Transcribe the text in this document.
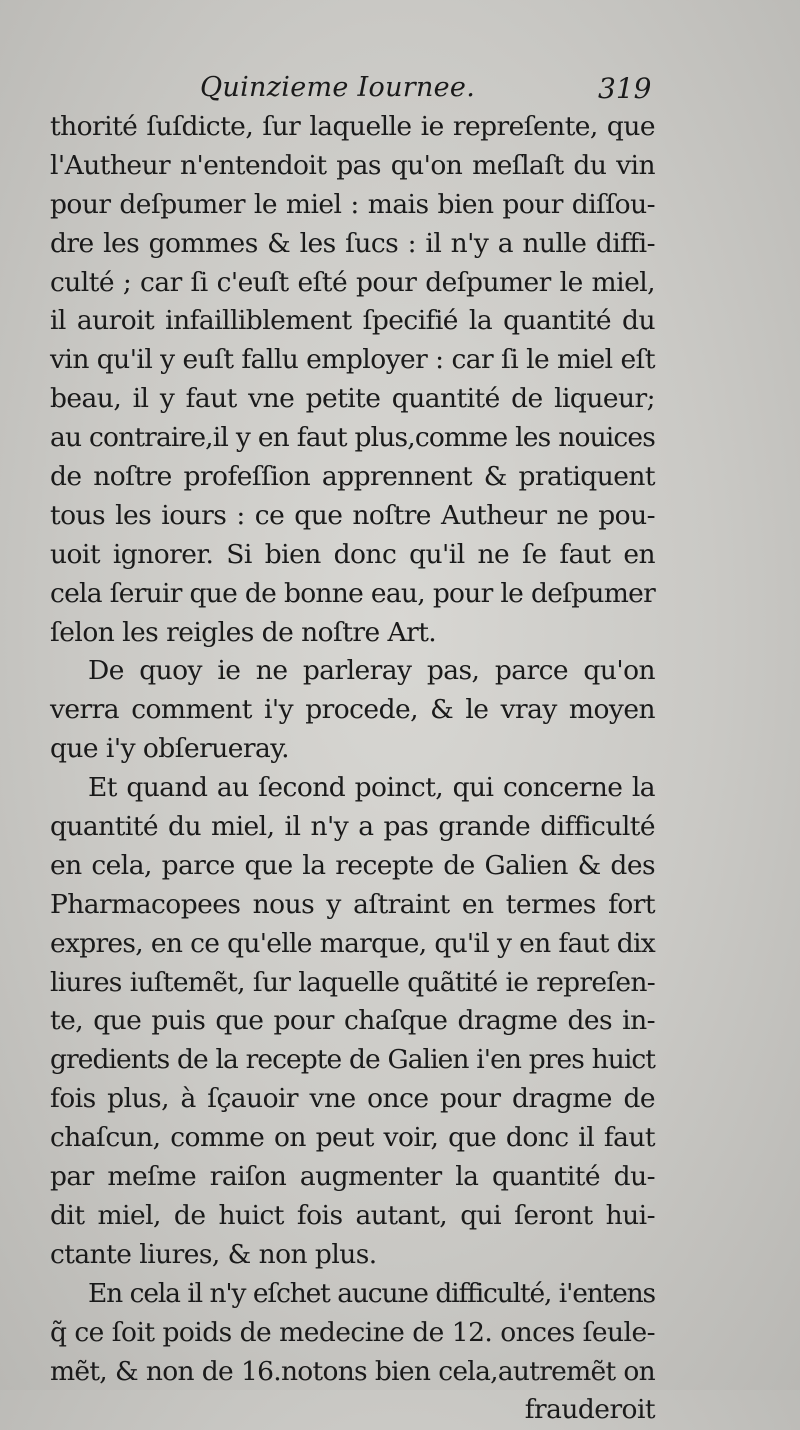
Quinzieme Iournee.	319
thorité ſuſdicte, ſur laquelle ie repreſente, que
l'Autheur n'entendoit pas qu'on meſlaſt du vin
pour deſpumer le miel : mais bien pour diſſou-
dre les gommes & les ſucs : il n'y a nulle diffi-
culté ; car ſi c'euſt eſté pour deſpumer le miel,
il auroit infailliblement ſpecifié la quantité du
vin qu'il y euſt fallu employer : car ſi le miel eſt
beau, il y faut vne petite quantité de liqueur;
au contraire,il y en faut plus,comme les nouices
de noſtre profeſſion apprennent & pratiquent
tous les iours : ce que noſtre Autheur ne pou-
uoit ignorer. Si bien donc qu'il ne ſe faut en
cela ſeruir que de bonne eau, pour le deſpumer
ſelon les reigles de noſtre Art.
De quoy ie ne parleray pas, parce qu'on
verra comment i'y procede, & le vray moyen
que i'y obſerueray.
Et quand au ſecond poinct, qui concerne la
quantité du miel, il n'y a pas grande difficulté
en cela, parce que la recepte de Galien & des
Pharmacopees nous y aſtraint en termes fort
expres, en ce qu'elle marque, qu'il y en faut dix
liures iuſtemẽt, ſur laquelle quãtité ie repreſen-
te, que puis que pour chaſque dragme des in-
gredients de la recepte de Galien i'en pres huict
fois plus, à ſçauoir vne once pour dragme de
chaſcun, comme on peut voir, que donc il faut
par meſme raiſon augmenter la quantité du-
dit miel, de huict fois autant, qui ſeront hui-
ctante liures, & non plus.
En cela il n'y eſchet aucune difficulté, i'entens
q̃ ce ſoit poids de medecine de 12. onces ſeule-
mẽt, & non de 16.notons bien cela,autremẽt on
frauderoit
